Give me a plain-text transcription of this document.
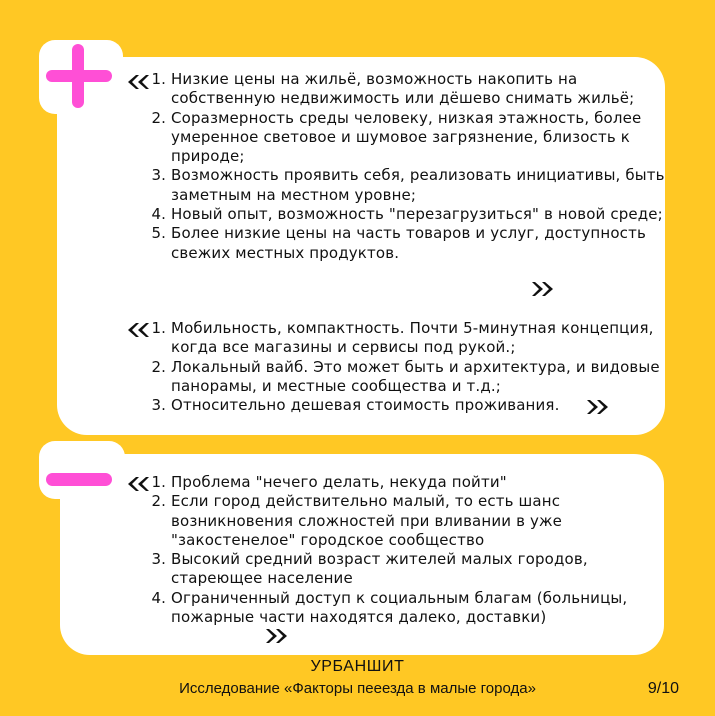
1. Низкие цены на жильё, возможность накопить на собственную недвижимость или дёшево снимать жильё;
2. Соразмерность среды человеку, низкая этажность, более умеренное световое и шумовое загрязнение, близость к природе;
3. Возможность проявить себя, реализовать инициативы, быть заметным на местном уровне;
4. Новый опыт, возможность "перезагрузиться" в новой среде;
5. Более низкие цены на часть товаров и услуг, доступность свежих местных продуктов.
1. Мобильность, компактность. Почти 5-минутная концепция, когда все магазины и сервисы под рукой.;
2. Локальный вайб. Это может быть и архитектура, и видовые панорамы, и местные сообщества и т.д.;
3. Относительно дешевая стоимость проживания.
1. Проблема "нечего делать, некуда пойти"
2. Если город действительно малый, то есть шанс возникновения сложностей при вливании в уже "закостенелое" городское сообщество
3. Высокий средний возраст жителей малых городов, стареющее население
4. Ограниченный доступ к социальным благам (больницы, пожарные части находятся далеко, доставки)
УРБАНШИТ
Исследование «Факторы пееезда в малые города»	9/10
